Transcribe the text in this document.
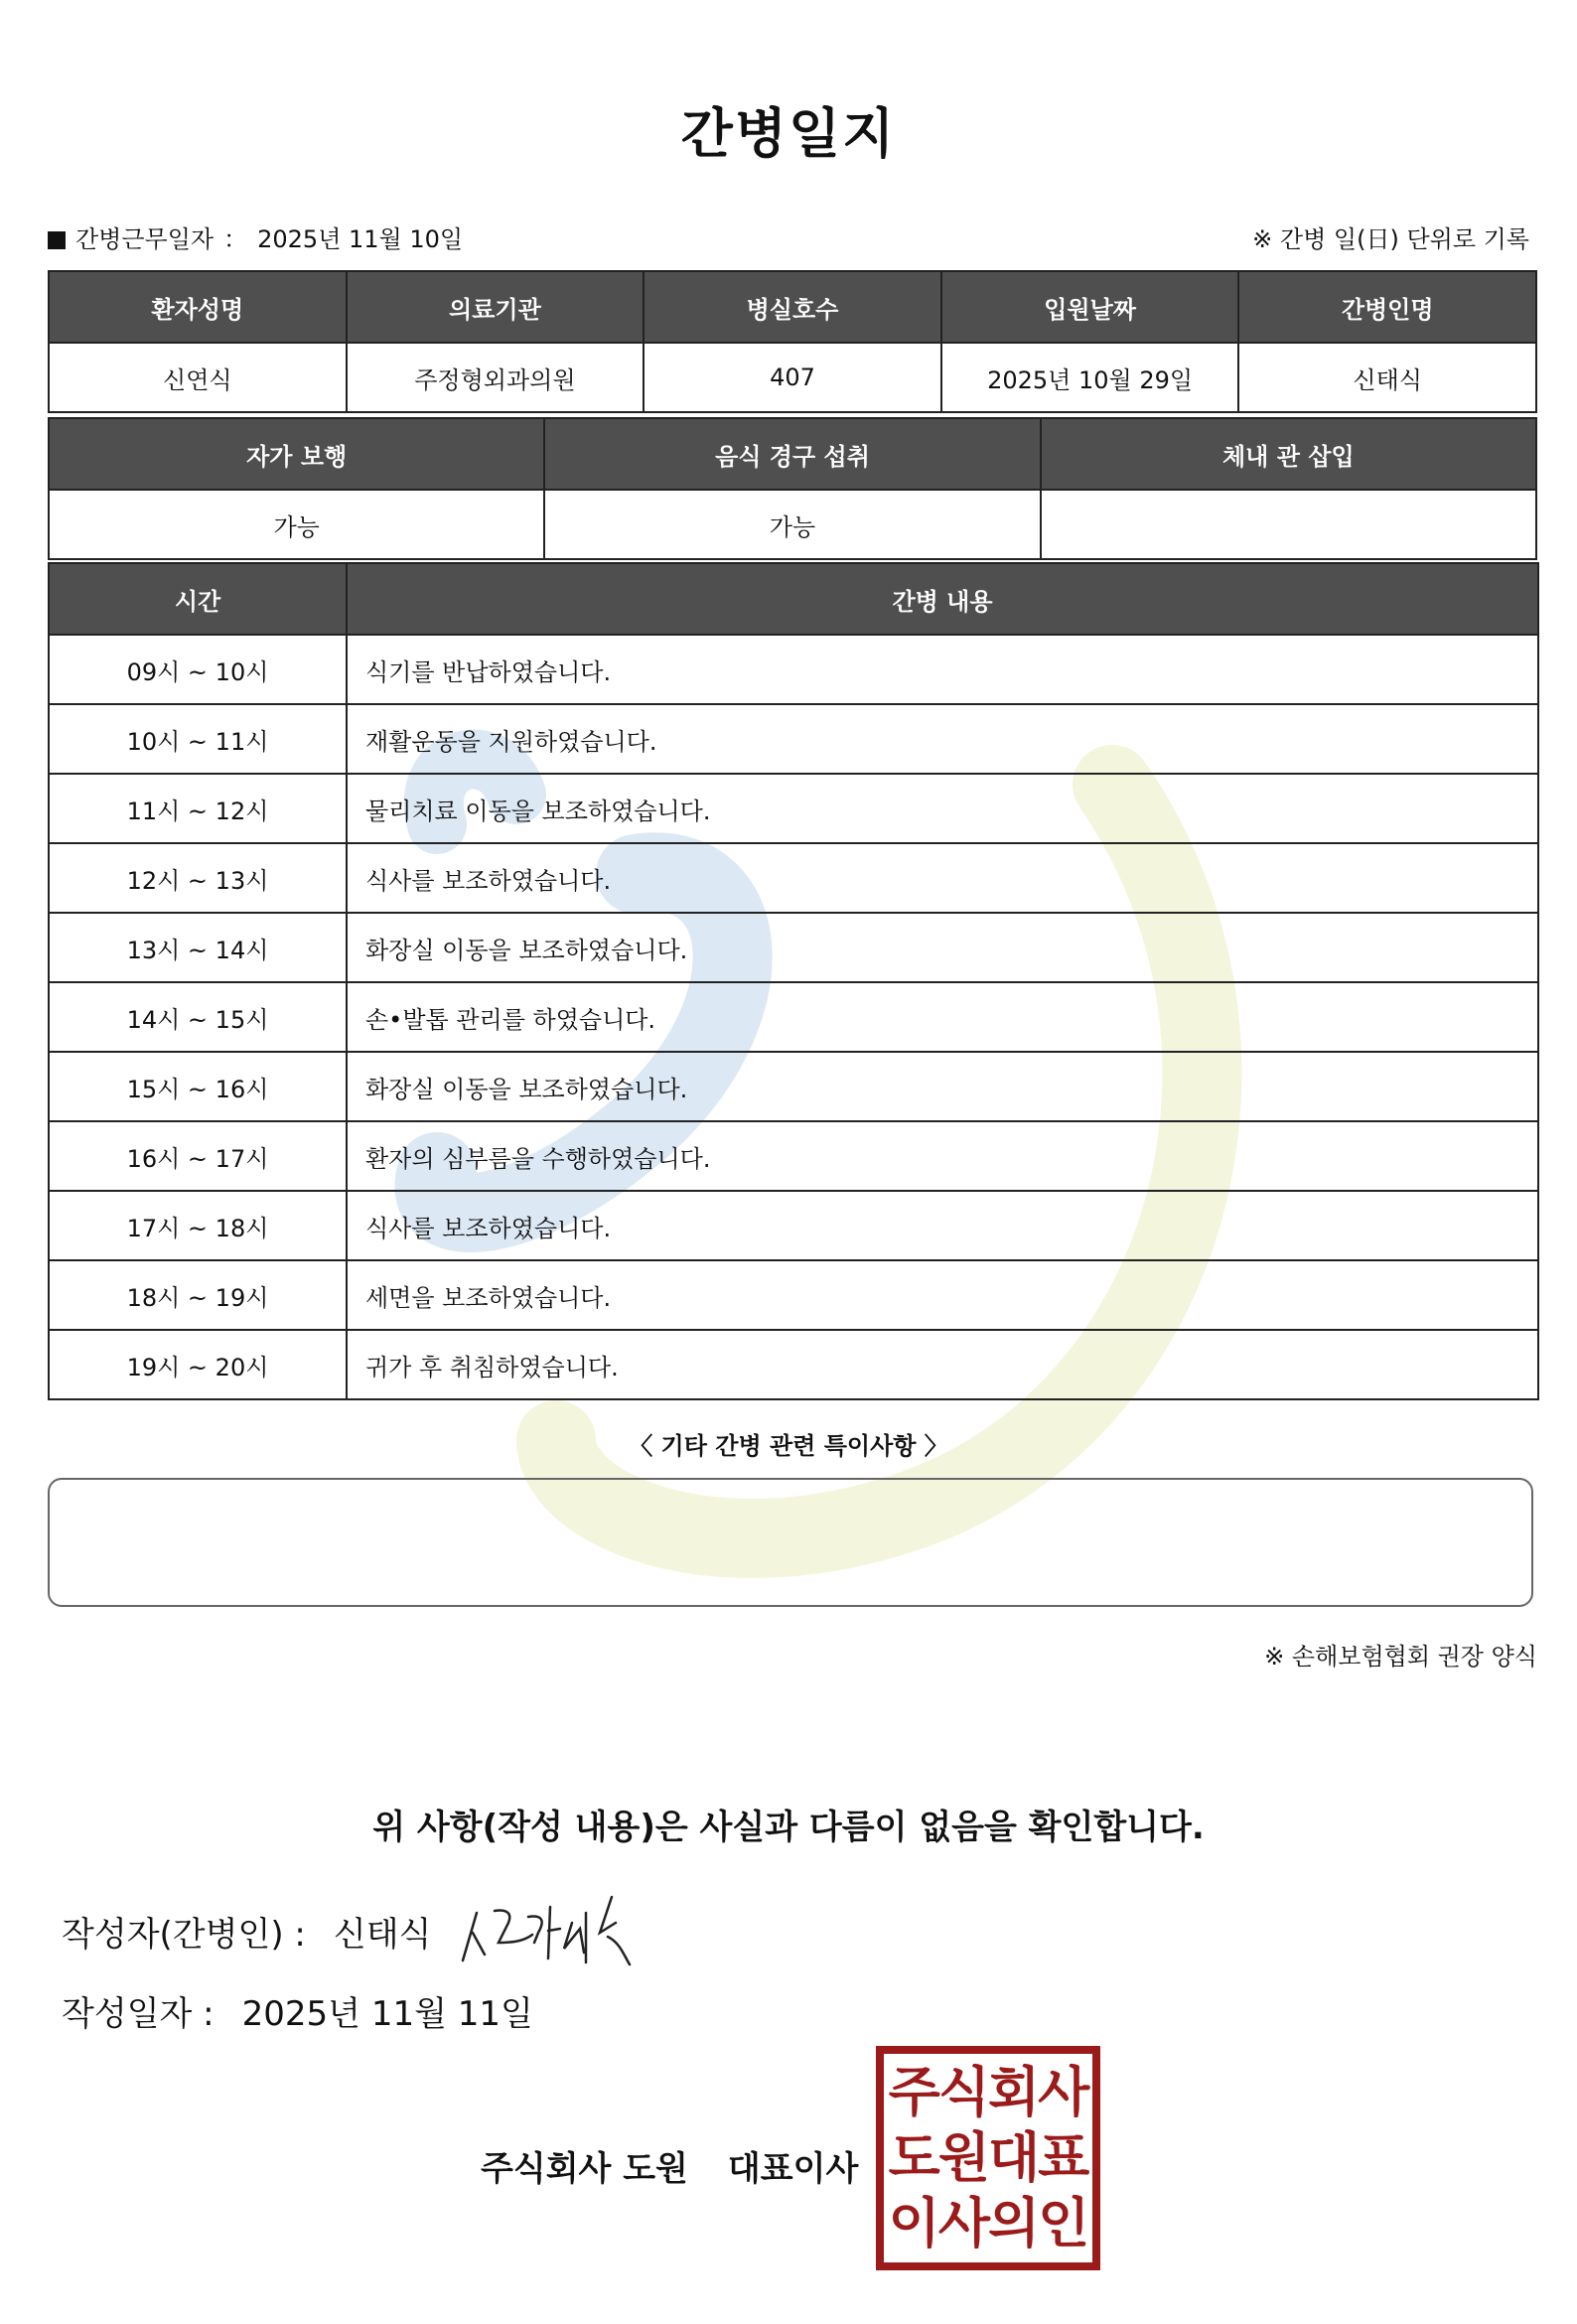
간병일지
간병근무일자 ： 2025년 11월 10일	※ 간병 일(日) 단위로 기록
환자성명	의료기관	병실호수	입원날짜	간병인명
신연식	주정형외과의원	407	2025년 10월 29일	신태식
자가 보행	음식 경구 섭취	체내 관 삽입
가능	가능	
시간	간병 내용
09시 ~ 10시	식기를 반납하였습니다.
10시 ~ 11시	재활운동을 지원하였습니다.
11시 ~ 12시	물리치료 이동을 보조하였습니다.
12시 ~ 13시	식사를 보조하였습니다.
13시 ~ 14시	화장실 이동을 보조하였습니다.
14시 ~ 15시	손•발톱 관리를 하였습니다.
15시 ~ 16시	화장실 이동을 보조하였습니다.
16시 ~ 17시	환자의 심부름을 수행하였습니다.
17시 ~ 18시	식사를 보조하였습니다.
18시 ~ 19시	세면을 보조하였습니다.
19시 ~ 20시	귀가 후 취침하였습니다.
〈 기타 간병 관련 특이사항 〉
※ 손해보험협회 권장 양식
위 사항(작성 내용)은 사실과 다름이 없음을 확인합니다.
작성자(간병인) : 신태식
작성일자 : 2025년 11월 11일
주식회사 도원 대표이사
주식회사
도원대표
이사의인
